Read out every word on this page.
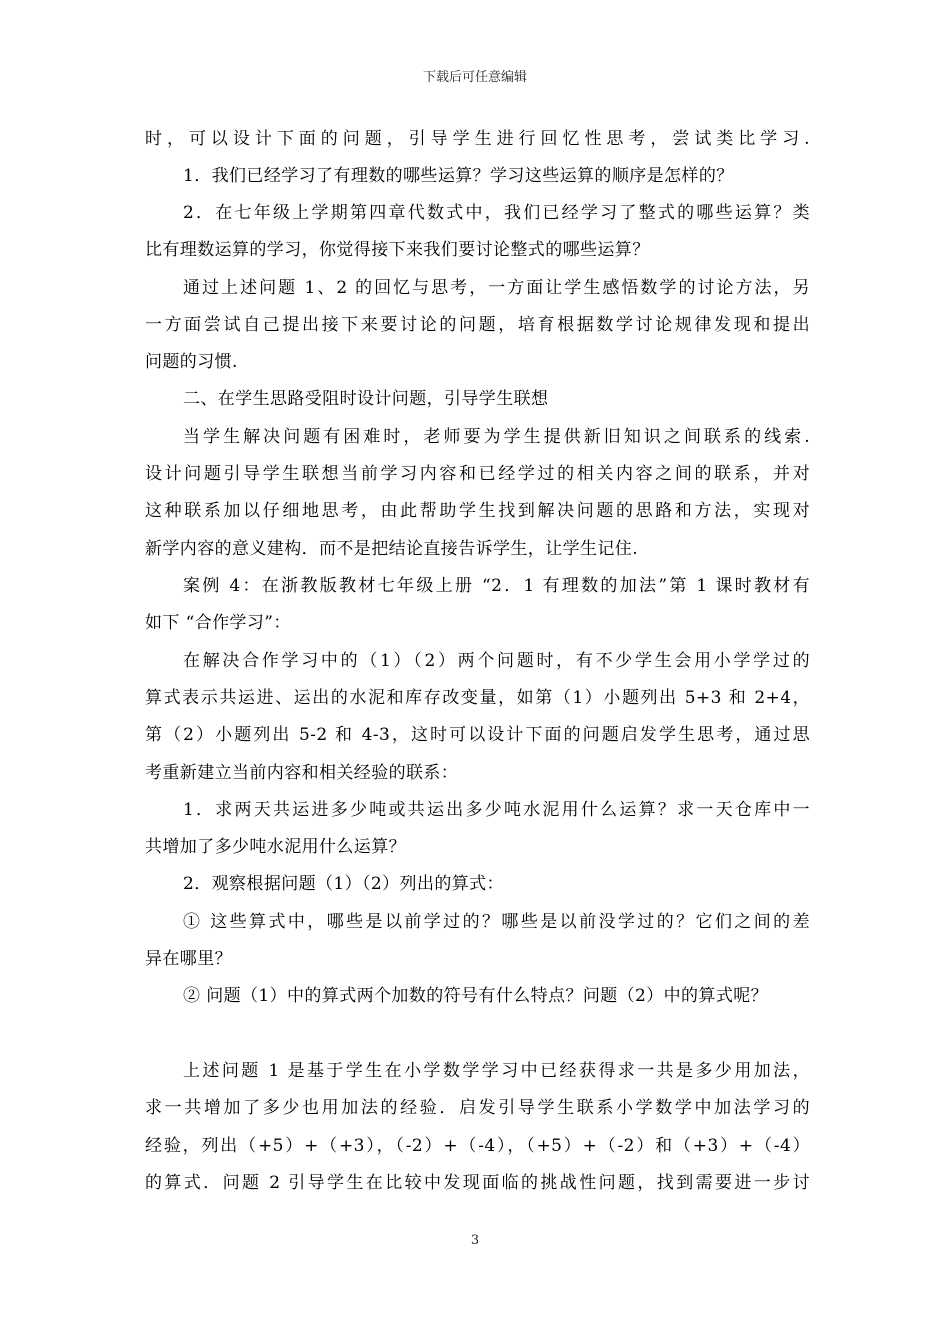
下载后可任意编辑
时，可以设计下面的问题，引导学生进行回忆性思考，尝试类比学习.
1．我们已经学习了有理数的哪些运算？学习这些运算的顺序是怎样的？
2．在七年级上学期第四章代数式中，我们已经学习了整式的哪些运算？类
比有理数运算的学习，你觉得接下来我们要讨论整式的哪些运算？
通过上述问题 1、2 的回忆与思考，一方面让学生感悟数学的讨论方法，另
一方面尝试自己提出接下来要讨论的问题，培育根据数学讨论规律发现和提出
问题的习惯.
二、在学生思路受阻时设计问题，引导学生联想
当学生解决问题有困难时，老师要为学生提供新旧知识之间联系的线索.
设计问题引导学生联想当前学习内容和已经学过的相关内容之间的联系，并对
这种联系加以仔细地思考，由此帮助学生找到解决问题的思路和方法，实现对
新学内容的意义建构．而不是把结论直接告诉学生，让学生记住.
案例 4：在浙教版教材七年级上册 “2．1 有理数的加法”第 1 课时教材有
如下 “合作学习”：
在解决合作学习中的（1）（2）两个问题时，有不少学生会用小学学过的
算式表示共运进、运出的水泥和库存改变量，如第（1）小题列出 5+3 和 2+4，
第（2）小题列出 5-2 和 4-3，这时可以设计下面的问题启发学生思考，通过思
考重新建立当前内容和相关经验的联系：
1．求两天共运进多少吨或共运出多少吨水泥用什么运算？求一天仓库中一
共增加了多少吨水泥用什么运算？
2．观察根据问题（1）（2）列出的算式：
① 这些算式中，哪些是以前学过的？哪些是以前没学过的？它们之间的差
异在哪里？
② 问题（1）中的算式两个加数的符号有什么特点？问题（2）中的算式呢？
上述问题 1 是基于学生在小学数学学习中已经获得求一共是多少用加法，
求一共增加了多少也用加法的经验．启发引导学生联系小学数学中加法学习的
经验，列出（+5）+（+3），（-2）+（-4），（+5）+（-2）和（+3）+（-4）
的算式．问题 2 引导学生在比较中发现面临的挑战性问题，找到需要进一步讨
3
